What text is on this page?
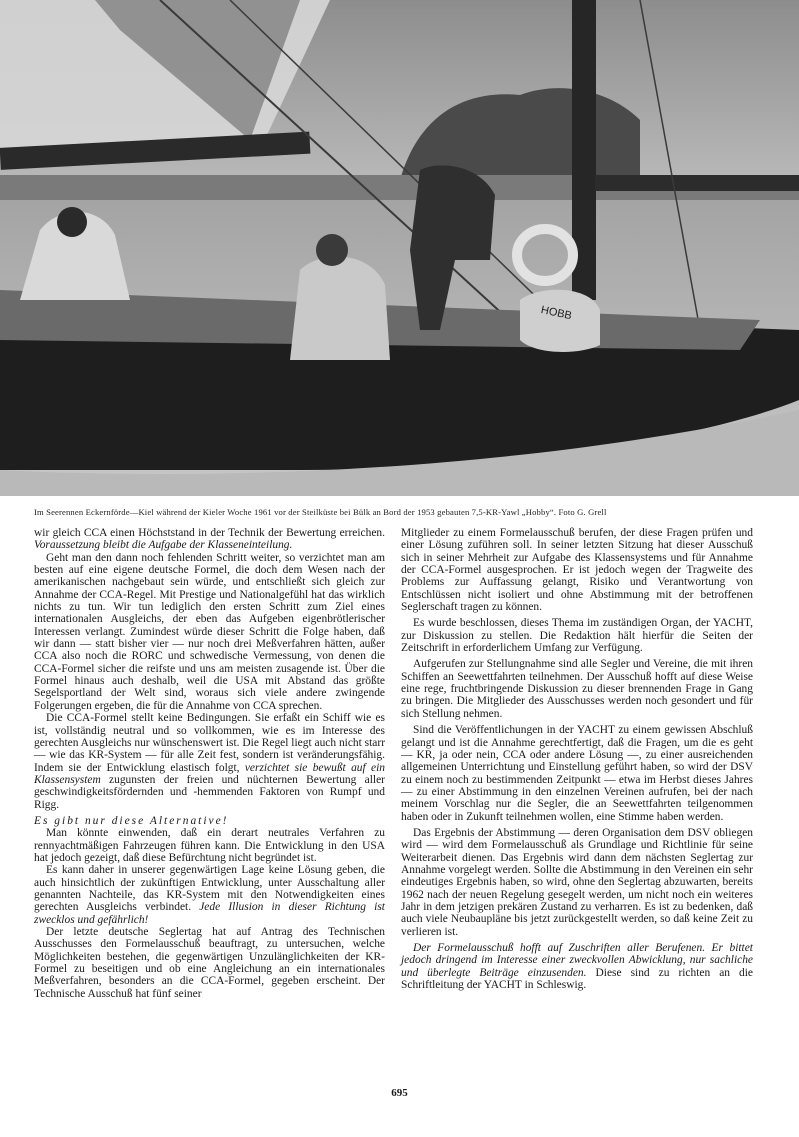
HOBB
Im Seerennen Eckernförde—Kiel während der Kieler Woche 1961 vor der Steilküste bei Bülk an Bord der 1953 gebauten 7,5-KR-Yawl „Hobby“. Foto G. Grell

wir gleich CCA einen Höchststand in der Technik der Bewertung erreichen. Voraussetzung bleibt die Aufgabe der Klasseneinteilung.

Geht man den dann noch fehlenden Schritt weiter, so verzichtet man am besten auf eine eigene deutsche Formel, die doch dem Wesen nach der amerikanischen nachgebaut sein würde, und entschließt sich gleich zur Annahme der CCA-Regel. Mit Prestige und Nationalgefühl hat das wirklich nichts zu tun. Wir tun lediglich den ersten Schritt zum Ziel eines internationalen Ausgleichs, der eben das Aufgeben eigenbrötlerischer Interessen verlangt. Zumindest würde dieser Schritt die Folge haben, daß wir dann — statt bisher vier — nur noch drei Meßverfahren hätten, außer CCA also noch die RORC und schwedische Vermessung, von denen die CCA-Formel sicher die reifste und uns am meisten zusagende ist. Über die Formel hinaus auch deshalb, weil die USA mit Abstand das größte Segelsportland der Welt sind, woraus sich viele andere zwingende Folgerungen ergeben, die für die Annahme von CCA sprechen.

Die CCA-Formel stellt keine Bedingungen. Sie erfaßt ein Schiff wie es ist, vollständig neutral und so vollkommen, wie es im Interesse des gerechten Ausgleichs nur wünschenswert ist. Die Regel liegt auch nicht starr — wie das KR-System — für alle Zeit fest, sondern ist veränderungsfähig. Indem sie der Entwicklung elastisch folgt, verzichtet sie bewußt auf ein Klassensystem zugunsten der freien und nüchternen Bewertung aller geschwindigkeitsfördernden und -hemmenden Faktoren von Rumpf und Rigg.

Es gibt nur diese Alternative!

Man könnte einwenden, daß ein derart neutrales Verfahren zu rennyachtmäßigen Fahrzeugen führen kann. Die Entwicklung in den USA hat jedoch gezeigt, daß diese Befürchtung nicht begründet ist.

Es kann daher in unserer gegenwärtigen Lage keine Lösung geben, die auch hinsichtlich der zukünftigen Entwicklung, unter Ausschaltung aller genannten Nachteile, das KR-System mit den Notwendigkeiten eines gerechten Ausgleichs verbindet. Jede Illusion in dieser Richtung ist zwecklos und gefährlich!

Der letzte deutsche Seglertag hat auf Antrag des Technischen Ausschusses den Formelausschuß beauftragt, zu untersuchen, welche Möglichkeiten bestehen, die gegenwärtigen Unzulänglichkeiten der KR-Formel zu beseitigen und ob eine Angleichung an ein internationales Meßverfahren, besonders an die CCA-Formel, gegeben erscheint. Der Technische Ausschuß hat fünf seiner

Mitglieder zu einem Formelausschuß berufen, der diese Fragen prüfen und einer Lösung zuführen soll. In seiner letzten Sitzung hat dieser Ausschuß sich in seiner Mehrheit zur Aufgabe des Klassensystems und für Annahme der CCA-Formel ausgesprochen. Er ist jedoch wegen der Tragweite des Problems zur Auffassung gelangt, Risiko und Verantwortung von Entschlüssen nicht isoliert und ohne Abstimmung mit der betroffenen Seglerschaft tragen zu können.

Es wurde beschlossen, dieses Thema im zuständigen Organ, der YACHT, zur Diskussion zu stellen. Die Redaktion hält hierfür die Seiten der Zeitschrift in erforderlichem Umfang zur Verfügung.

Aufgerufen zur Stellungnahme sind alle Segler und Vereine, die mit ihren Schiffen an Seewettfahrten teilnehmen. Der Ausschuß hofft auf diese Weise eine rege, fruchtbringende Diskussion zu dieser brennenden Frage in Gang zu bringen. Die Mitglieder des Ausschusses werden noch gesondert und für sich Stellung nehmen.

Sind die Veröffentlichungen in der YACHT zu einem gewissen Abschluß gelangt und ist die Annahme gerechtfertigt, daß die Fragen, um die es geht — KR, ja oder nein, CCA oder andere Lösung —, zu einer ausreichenden allgemeinen Unterrichtung und Einstellung geführt haben, so wird der DSV zu einem noch zu bestimmenden Zeitpunkt — etwa im Herbst dieses Jahres — zu einer Abstimmung in den einzelnen Vereinen aufrufen, bei der nach meinem Vorschlag nur die Segler, die an Seewettfahrten teilgenommen haben oder in Zukunft teilnehmen wollen, eine Stimme haben werden.

Das Ergebnis der Abstimmung — deren Organisation dem DSV obliegen wird — wird dem Formelausschuß als Grundlage und Richtlinie für seine Weiterarbeit dienen. Das Ergebnis wird dann dem nächsten Seglertag zur Annahme vorgelegt werden. Sollte die Abstimmung in den Vereinen ein sehr eindeutiges Ergebnis haben, so wird, ohne den Seglertag abzuwarten, bereits 1962 nach der neuen Regelung gesegelt werden, um nicht noch ein weiteres Jahr in dem jetzigen prekären Zustand zu verharren. Es ist zu bedenken, daß auch viele Neubaupläne bis jetzt zurückgestellt werden, so daß keine Zeit zu verlieren ist.

Der Formelausschuß hofft auf Zuschriften aller Berufenen. Er bittet jedoch dringend im Interesse einer zweckvollen Abwicklung, nur sachliche und überlegte Beiträge einzusenden. Diese sind zu richten an die Schriftleitung der YACHT in Schleswig.

695
